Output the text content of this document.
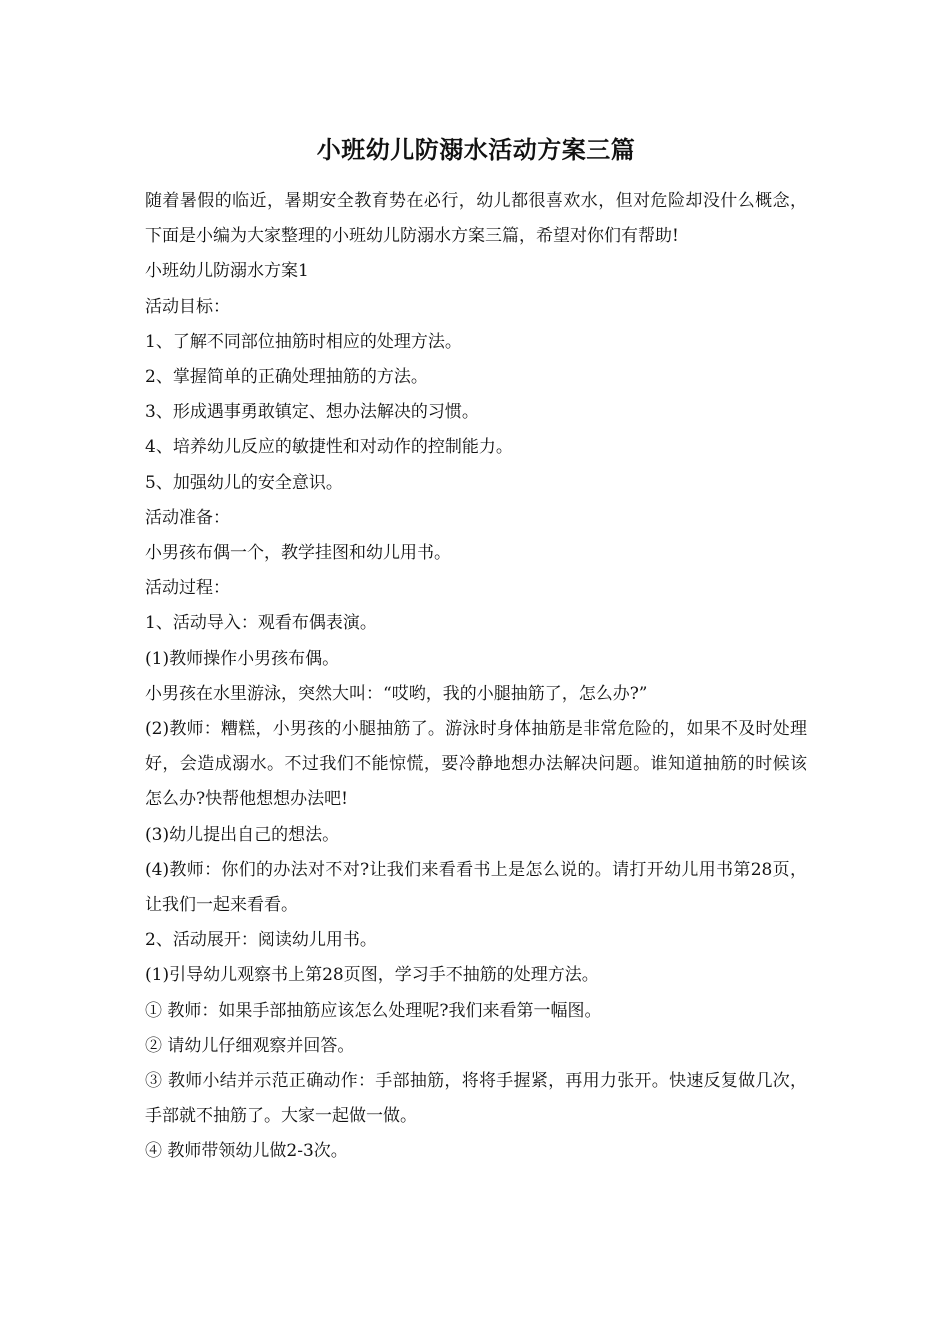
小班幼儿防溺水活动方案三篇

随着暑假的临近，暑期安全教育势在必行，幼儿都很喜欢水，但对危险却没什么概念，下面是小编为大家整理的小班幼儿防溺水方案三篇，希望对你们有帮助!

小班幼儿防溺水方案1

活动目标：

1、了解不同部位抽筋时相应的处理方法。

2、掌握简单的正确处理抽筋的方法。

3、形成遇事勇敢镇定、想办法解决的习惯。

4、培养幼儿反应的敏捷性和对动作的控制能力。

5、加强幼儿的安全意识。

活动准备：

小男孩布偶一个，教学挂图和幼儿用书。

活动过程：

1、活动导入：观看布偶表演。

(1)教师操作小男孩布偶。

小男孩在水里游泳，突然大叫：“哎哟，我的小腿抽筋了，怎么办?”

(2)教师：糟糕，小男孩的小腿抽筋了。游泳时身体抽筋是非常危险的，如果不及时处理好，会造成溺水。不过我们不能惊慌，要冷静地想办法解决问题。谁知道抽筋的时候该怎么办?快帮他想想办法吧!

(3)幼儿提出自己的想法。

(4)教师：你们的办法对不对?让我们来看看书上是怎么说的。请打开幼儿用书第28页，让我们一起来看看。

2、活动展开：阅读幼儿用书。

(1)引导幼儿观察书上第28页图，学习手不抽筋的处理方法。

① 教师：如果手部抽筋应该怎么处理呢?我们来看第一幅图。

② 请幼儿仔细观察并回答。

③ 教师小结并示范正确动作：手部抽筋，将将手握紧，再用力张开。快速反复做几次，手部就不抽筋了。大家一起做一做。

④ 教师带领幼儿做2-3次。
